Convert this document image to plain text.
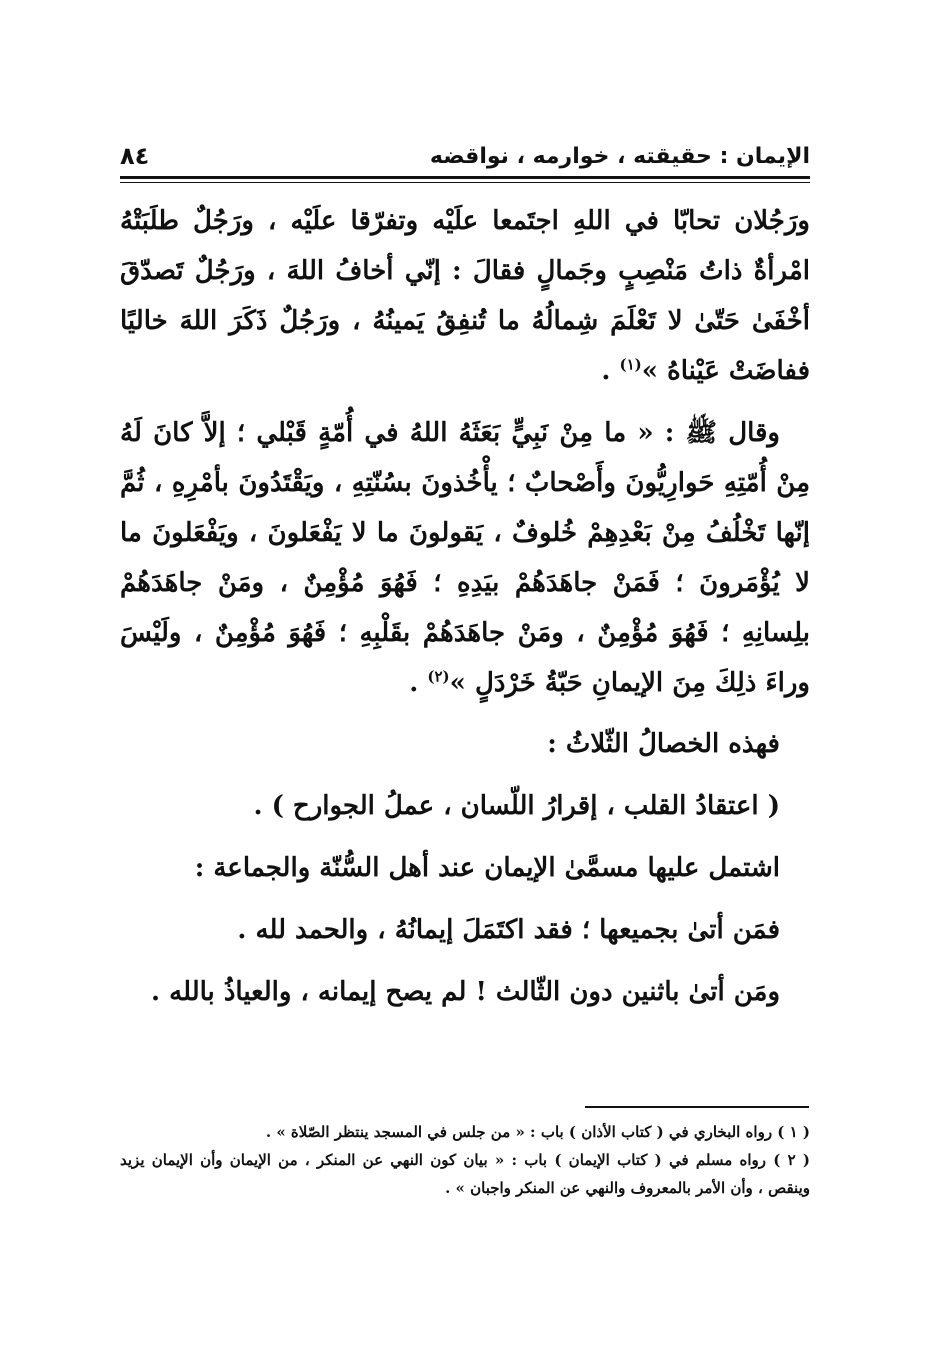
الإيمان : حقيقته ، خوارمه ، نواقضه
٨٤

ورَجُلان تحابّا في اللهِ اجتَمعا علَيْه وتفرّقا علَيْه ، ورَجُلٌ طلَبَتْهُ امْرأةٌ ذاتُ مَنْصِبٍ وجَمالٍ فقالَ : إنّي أخافُ اللهَ ، ورَجُلٌ تَصدّقَ أخْفَىٰ حَتّىٰ لا تَعْلَمَ شِمالُهُ ما تُنفِقُ يَمينُهُ ، ورَجُلٌ ذَكَرَ اللهَ خاليًا ففاضَتْ عَيْناهُ »$^{(١)}$ .

وقال ﷺ : « ما مِنْ نَبِيٍّ بَعَثَهُ اللهُ في أُمّةٍ قَبْلي ؛ إلاَّ كانَ لَهُ مِنْ أُمّتِهِ حَوارِيُّونَ وأَصْحابٌ ؛ يأْخُذونَ بسُنّتِهِ ، ويَقْتَدُونَ بأمْرِهِ ، ثُمَّ إنّها تَخْلُفُ مِنْ بَعْدِهِمْ خُلوفٌ ، يَقولونَ ما لا يَفْعَلونَ ، ويَفْعَلونَ ما لا يُؤْمَرونَ ؛ فَمَنْ جاهَدَهُمْ بيَدِهِ ؛ فَهُوَ مُؤْمِنٌ ، ومَنْ جاهَدَهُمْ بلِسانِهِ ؛ فَهُوَ مُؤْمِنٌ ، ومَنْ جاهَدَهُمْ بقَلْبِهِ ؛ فَهُوَ مُؤْمِنٌ ، ولَيْسَ وراءَ ذلِكَ مِنَ الإيمانِ حَبّةُ خَرْدَلٍ »$^{(٢)}$ .

فهذه الخصالُ الثّلاثُ :

( اعتقادُ القلب ، إقرارُ اللّسان ، عملُ الجوارح ) .

اشتمل عليها مسمَّىٰ الإيمان عند أهل السُّنّة والجماعة :

فمَن أتىٰ بجميعها ؛ فقد اكتَمَلَ إيمانُهُ ، والحمد لله .

ومَن أتىٰ باثنين دون الثّالث ! لم يصح إيمانه ، والعياذُ بالله .

( ١ ) رواه البخاري في ( كتاب الأذان ) باب : « من جلس في المسجد ينتظر الصّلاة » .

( ٢ ) رواه مسلم في ( كتاب الإيمان ) باب : « بيان كون النهي عن المنكر ، من الإيمان وأن الإيمان يزيد وينقص ، وأن الأمر بالمعروف والنهي عن المنكر واجبان » .
